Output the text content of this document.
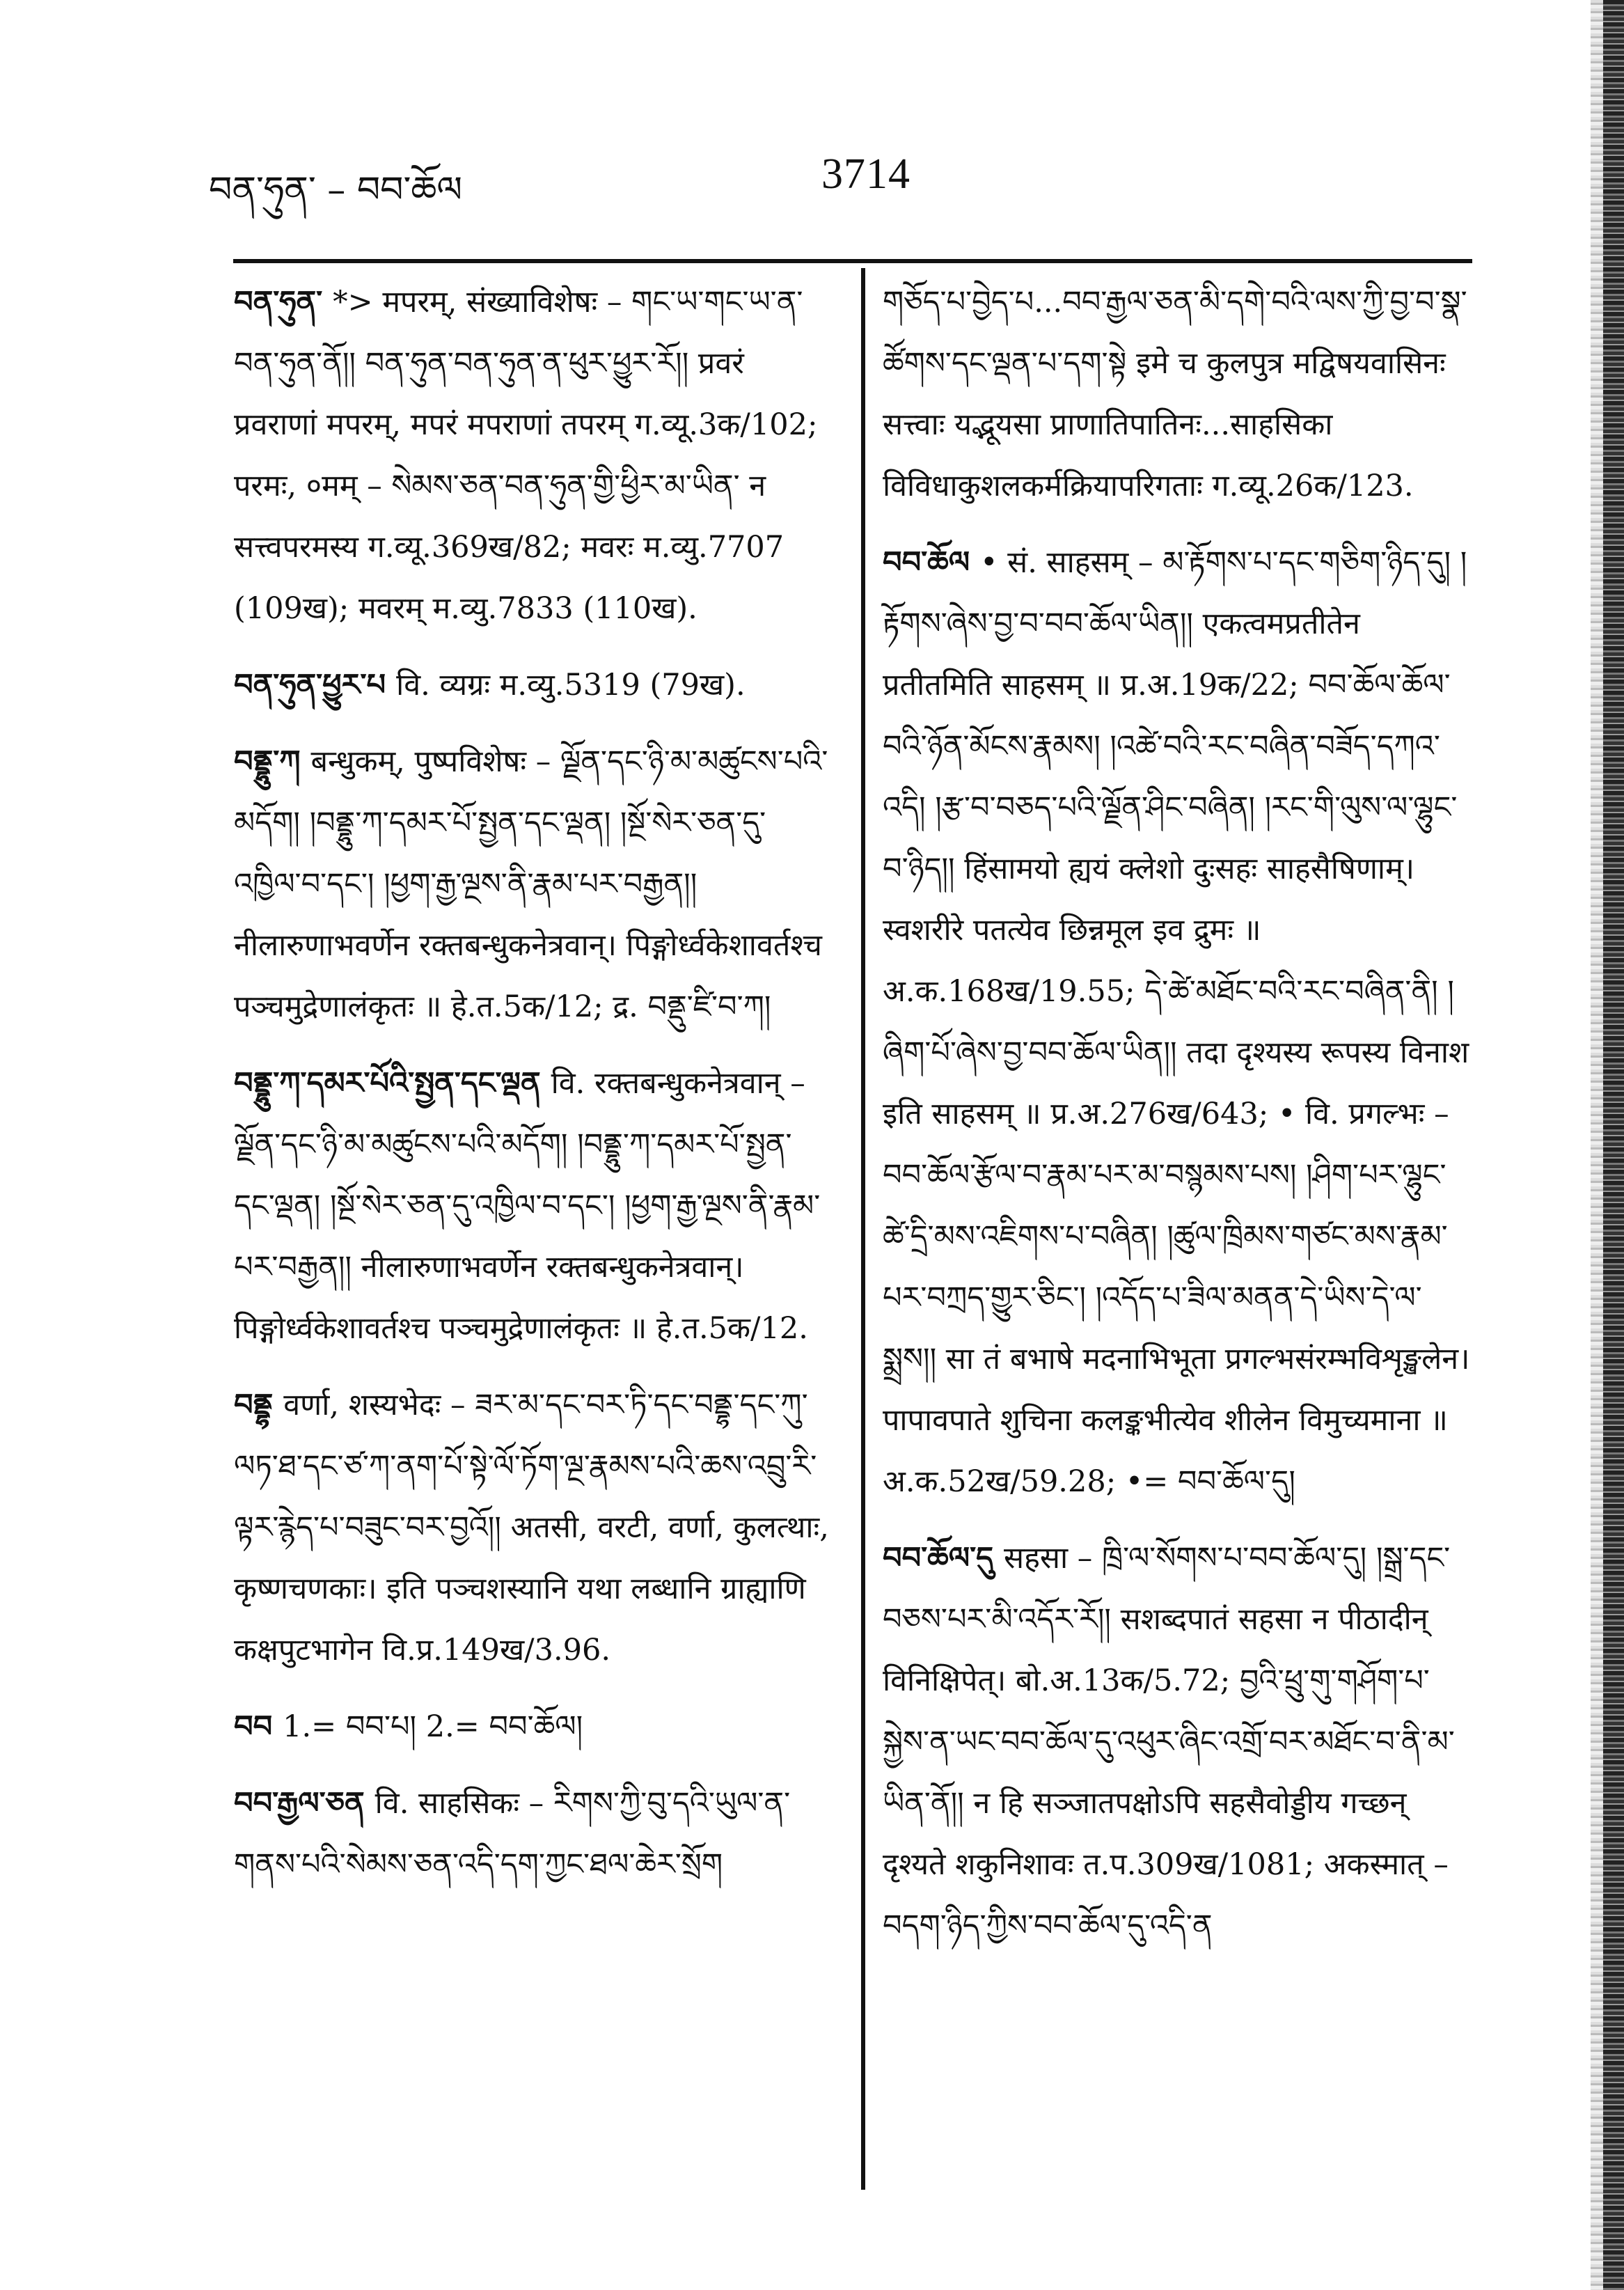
བན་ཧུན་ – བབ་ཆོལ	3714
བན་ཧུན་ *> मपरम्, संख्याविशेषः – གང་ཡ་གང་ཡ་ན་བན་ཧུན་ནོ།། བན་ཧུན་བན་ཧུན་ན་ཕུར་ཕྱུར་རོ།། प्रवरं प्रवराणां मपरम्, मपरं मपराणां तपरम् ग.व्यू.3क/102; परमः, ०मम् – སེམས་ཅན་བན་ཧུན་གྱི་ཕྱིར་མ་ཡིན་ न सत्त्वपरमस्य ग.व्यू.369ख/82; मवरः म.व्यु.7707 (109ख); मवरम् म.व्यु.7833 (110ख).
བན་ཧུན་ཕྱུར་པ वि. व्यग्रः म.व्यु.5319 (79ख).
བནྡྷུ་ཀ बन्धुकम्, पुष्पविशेषः – ལྗོན་དང་ཉི་མ་མཚུངས་པའི་མདོག། །བནྡྷུ་ཀ་དམར་པོ་སྤྱན་དང་ལྡན། །སྔོ་སེར་ཅན་དུ་འཁྱིལ་བ་དང་། །ཕྱག་རྒྱ་ལྔས་ནི་རྣམ་པར་བརྒྱན།། नीलारुणाभवर्णेन रक्तबन्धुकनेत्रवान्। पिङ्गोर्ध्वकेशावर्तश्च पञ्चमुद्रेणालंकृतः ॥ हे.त.5क/12; द्र. བནྡུ་ཛི་བ་ཀ།
བནྡྷུ་ཀ་དམར་པོའི་སྤྱན་དང་ལྡན वि. रक्तबन्धुकनेत्रवान् – ལྗོན་དང་ཉི་མ་མཚུངས་པའི་མདོག། །བནྡྷུ་ཀ་དམར་པོ་སྤྱན་དང་ལྡན། །སྔོ་སེར་ཅན་དུ་འཁྱིལ་བ་དང་། །ཕྱག་རྒྱ་ལྔས་ནི་རྣམ་པར་བརྒྱན།། नीलारुणाभवर्णेन रक्तबन्धुकनेत्रवान्। पिङ्गोर्ध्वकेशावर्तश्च पञ्चमुद्रेणालंकृतः ॥ हे.त.5क/12.
བནྡྷ वर्णा, शस्यभेदः – ཟར་མ་དང་བར་ཏི་དང་བནྡྷ་དང་ཀུ་ལཏ་ཐ་དང་ཙ་ཀ་ནག་པོ་སྟེ་ལོ་ཏོག་ལྔ་རྣམས་པའི་ཆས་འབྲུ་རི་ལྟར་རྙེད་པ་བཟུང་བར་བྱའོ།། अतसी, वरटी, वर्णा, कुलत्थाः, कृष्णचणकाः। इति पञ्चशस्यानि यथा लब्धानि ग्राह्याणि कक्षपुटभागेन वि.प्र.149ख/3.96.
བབ 1.= བབ་པ། 2.= བབ་ཆོལ།
བབ་རྒྱལ་ཅན वि. साहसिकः – རིགས་ཀྱི་བུ་དའི་ཡུལ་ན་གནས་པའི་སེམས་ཅན་འདི་དག་ཀྱང་ཐལ་ཆེར་སྲོག
གཅོད་པ་བྱེད་པ...བབ་རྒྱལ་ཅན་མི་དགེ་བའི་ལས་ཀྱི་བྱ་བ་སྣ་ཚོགས་དང་ལྡན་པ་དག་སྟེ इमे च कुलपुत्र मद्विषयवासिनः सत्त्वाः यद्भूयसा प्राणातिपातिनः...साहसिका विविधाकुशलकर्मक्रियापरिगताः ग.व्यू.26क/123.
བབ་ཆོལ • सं. साहसम् – མ་རྟོགས་པ་དང་གཅིག་ཉིད་དུ། །རྟོགས་ཞེས་བྱ་བ་བབ་ཆོལ་ཡིན།། एकत्वमप्रतीतेन प्रतीतमिति साहसम् ॥ प्र.अ.19क/22; བབ་ཆོལ་ཆོལ་བའི་ཉོན་མོངས་རྣམས། །འཚེ་བའི་རང་བཞིན་བཟོད་དཀའ་འདི། །རྩ་བ་བཅད་པའི་ལྗོན་ཤིང་བཞིན། །རང་གི་ལུས་ལ་ལྷུང་བ་ཉིད།། हिंसामयो ह्ययं क्लेशो दुःसहः साहसैषिणाम्। स्वशरीरे पतत्येव छिन्नमूल इव द्रुमः ॥ अ.क.168ख/19.55; དེ་ཚེ་མཐོང་བའི་རང་བཞིན་ནི། །ཞིག་པོ་ཞེས་བྱ་བབ་ཆོལ་ཡིན།། तदा दृश्यस्य रूपस्य विनाश इति साहसम् ॥ प्र.अ.276ख/643; • वि. प्रगल्भः – བབ་ཆོལ་རྩོལ་བ་རྣམ་པར་མ་བསྙམས་པས། །ཤིག་པར་ལྷུང་ཚེ་དྲི་མས་འཇིགས་པ་བཞིན། །ཚུལ་ཁྲིམས་གཙང་མས་རྣམ་པར་བཀྲད་གྱུར་ཅིང་། །འདོད་པ་ཟིལ་མནན་དེ་ཡིས་དེ་ལ་སྨྲས།། सा तं बभाषे मदनाभिभूता प्रगल्भसंरम्भविशृङ्खलेन। पापावपाते शुचिना कलङ्कभीत्येव शीलेन विमुच्यमाना ॥ अ.क.52ख/59.28; •= བབ་ཆོལ་དུ།
བབ་ཆོལ་དུ सहसा – ཁྲི་ལ་སོགས་པ་བབ་ཆོལ་དུ། །སྒྲ་དང་བཅས་པར་མི་འདོར་རོ།། सशब्दपातं सहसा न पीठादीन् विनिक्षिपेत्। बो.अ.13क/5.72; བྱའི་ཕྲུ་གུ་གཤོག་པ་སྐྱེས་ན་ཡང་བབ་ཆོལ་དུ་འཕུར་ཞིང་འགྲོ་བར་མཐོང་བ་ནི་མ་ཡིན་ནོ།། न हि सञ्जातपक्षोऽपि सहसैवोड्डीय गच्छन् दृश्यते शकुनिशावः त.प.309ख/1081; अकस्मात् – བདག་ཉིད་ཀྱིས་བབ་ཆོལ་དུ་འདི་ན
